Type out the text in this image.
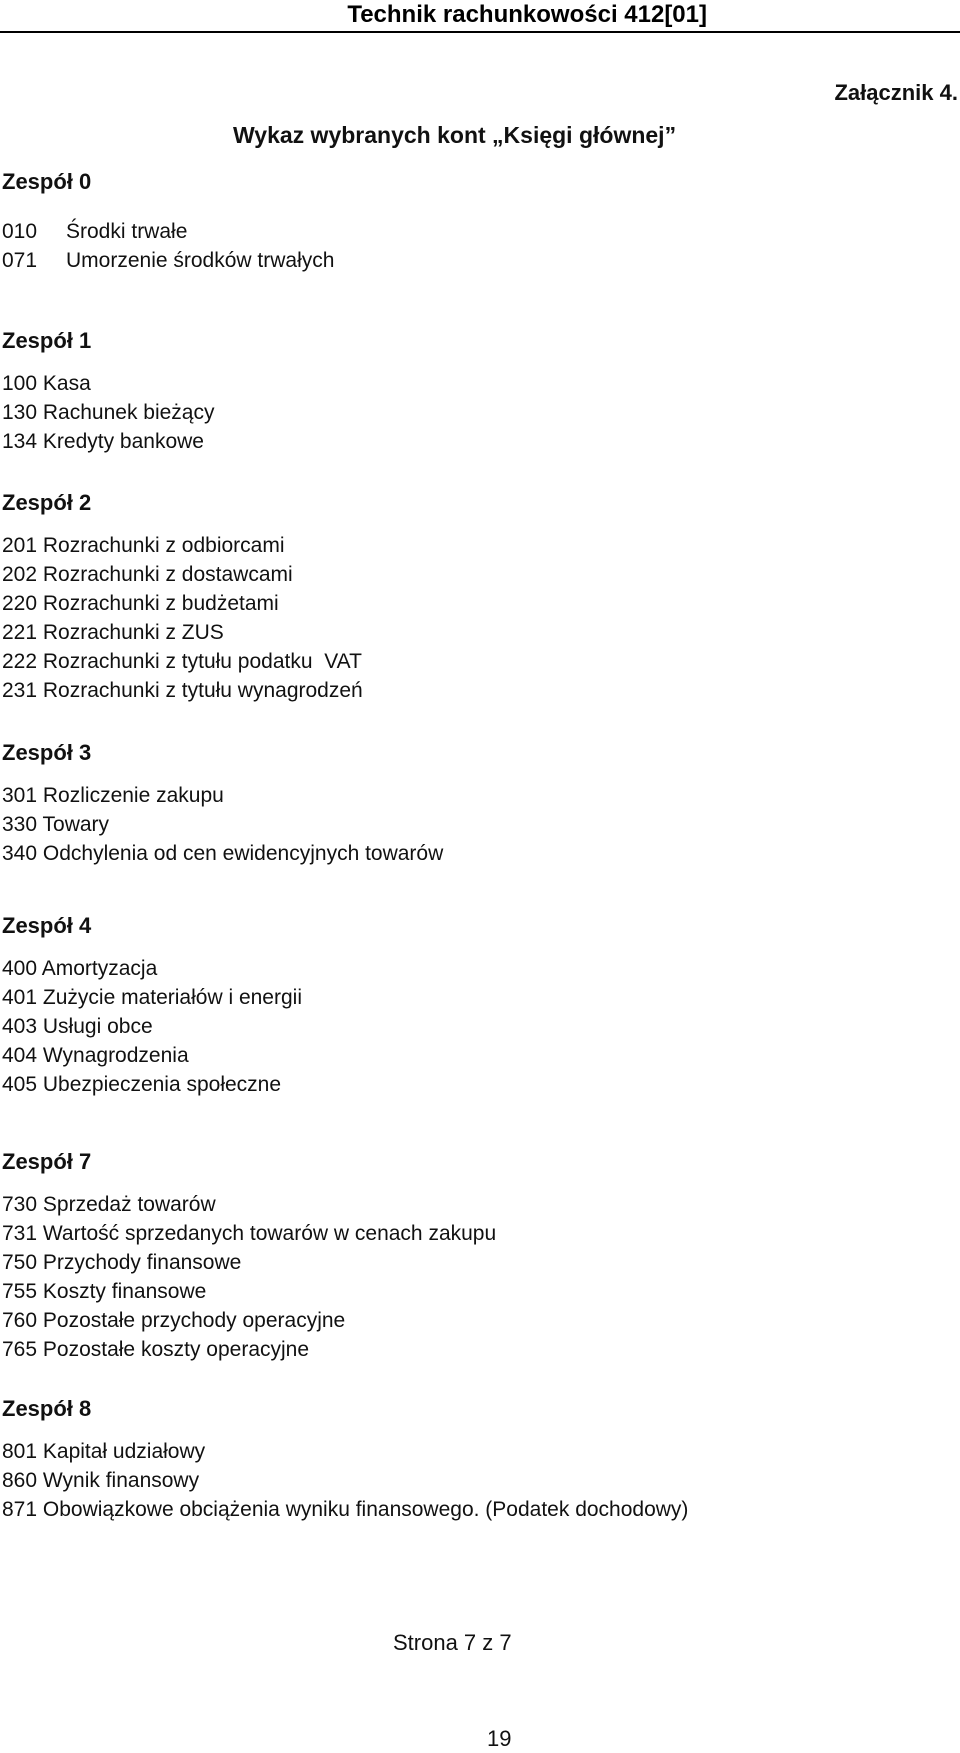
Technik rachunkowości 412[01]
Załącznik 4.
Wykaz wybranych kont „Księgi głównej”
Zespół 0
010 Środki trwałe
071 Umorzenie środków trwałych
Zespół 1
100 Kasa
130 Rachunek bieżący
134 Kredyty bankowe
Zespół 2
201 Rozrachunki z odbiorcami
202 Rozrachunki z dostawcami
220 Rozrachunki z budżetami
221 Rozrachunki z ZUS
222 Rozrachunki z tytułu podatku  VAT
231 Rozrachunki z tytułu wynagrodzeń
Zespół 3
301 Rozliczenie zakupu
330 Towary
340 Odchylenia od cen ewidencyjnych towarów
Zespół 4
400 Amortyzacja
401 Zużycie materiałów i energii
403 Usługi obce
404 Wynagrodzenia
405 Ubezpieczenia społeczne
Zespół 7
730 Sprzedaż towarów
731 Wartość sprzedanych towarów w cenach zakupu
750 Przychody finansowe
755 Koszty finansowe
760 Pozostałe przychody operacyjne
765 Pozostałe koszty operacyjne
Zespół 8
801 Kapitał udziałowy
860 Wynik finansowy
871 Obowiązkowe obciążenia wyniku finansowego. (Podatek dochodowy)
Strona 7 z 7
19
